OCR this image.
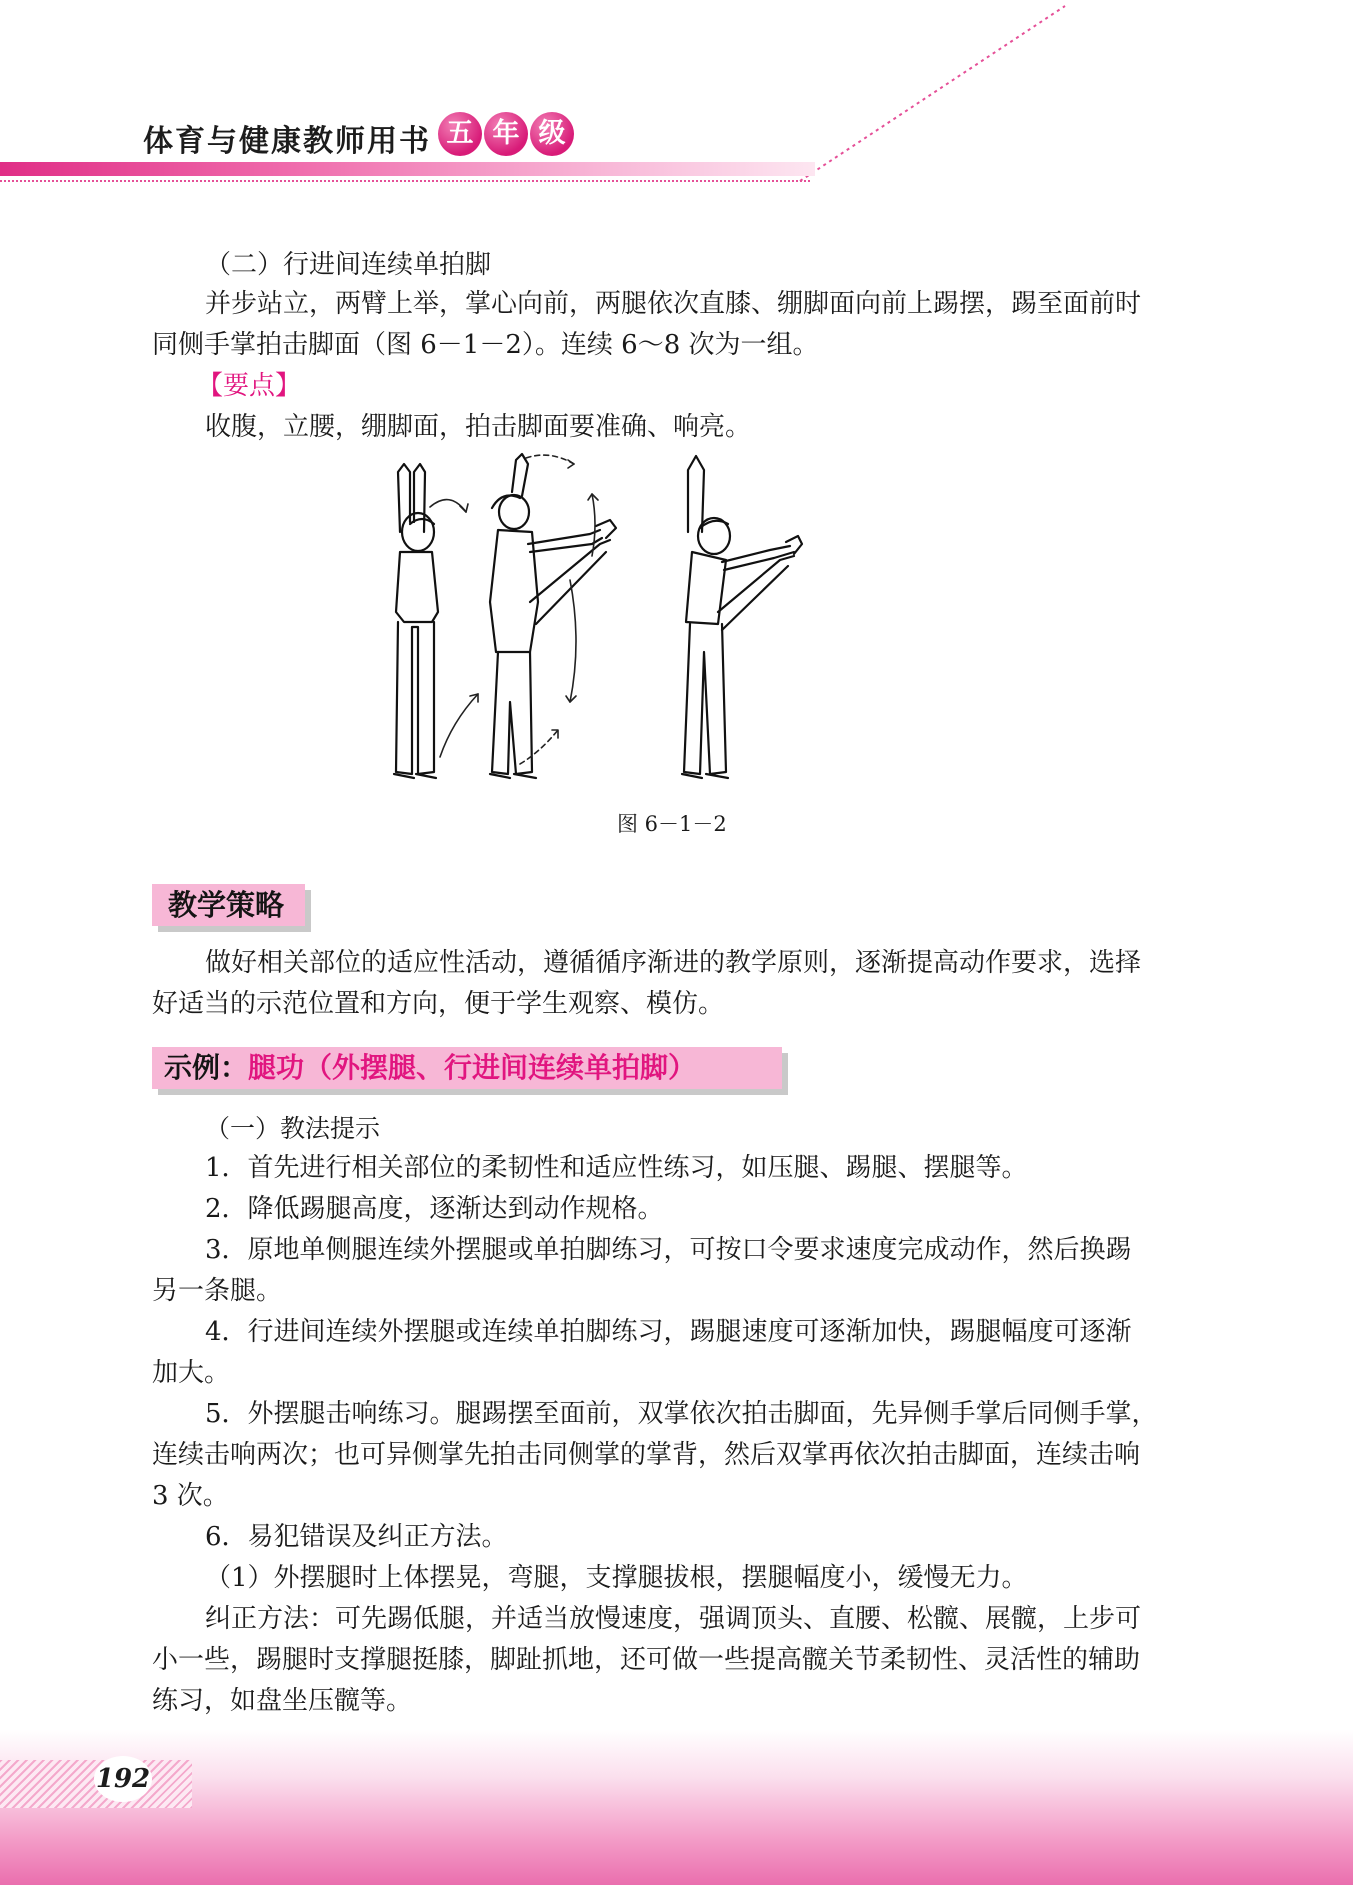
体育与健康教师用书 五 年 级

（二）行进间连续单拍脚

并步站立，两臂上举，掌心向前，两腿依次直膝、绷脚面向前上踢摆，踢至面前时

同侧手掌拍击脚面（图 6－1－2）。连续 6～8 次为一组。

【要点】

收腹，立腰，绷脚面，拍击脚面要准确、响亮。

图 6－1－2
教学策略

做好相关部位的适应性活动，遵循循序渐进的教学原则，逐渐提高动作要求，选择

好适当的示范位置和方向，便于学生观察、模仿。

示例：腿功（外摆腿、行进间连续单拍脚）

（一）教法提示

1．首先进行相关部位的柔韧性和适应性练习，如压腿、踢腿、摆腿等。

2．降低踢腿高度，逐渐达到动作规格。

3．原地单侧腿连续外摆腿或单拍脚练习，可按口令要求速度完成动作，然后换踢

另一条腿。

4．行进间连续外摆腿或连续单拍脚练习，踢腿速度可逐渐加快，踢腿幅度可逐渐

加大。

5．外摆腿击响练习。腿踢摆至面前，双掌依次拍击脚面，先异侧手掌后同侧手掌，

连续击响两次；也可异侧掌先拍击同侧掌的掌背，然后双掌再依次拍击脚面，连续击响

3 次。

6．易犯错误及纠正方法。

（1）外摆腿时上体摆晃，弯腿，支撑腿拔根，摆腿幅度小，缓慢无力。

纠正方法：可先踢低腿，并适当放慢速度，强调顶头、直腰、松髋、展髋，上步可

小一些，踢腿时支撑腿挺膝，脚趾抓地，还可做一些提高髋关节柔韧性、灵活性的辅助

练习，如盘坐压髋等。

192
